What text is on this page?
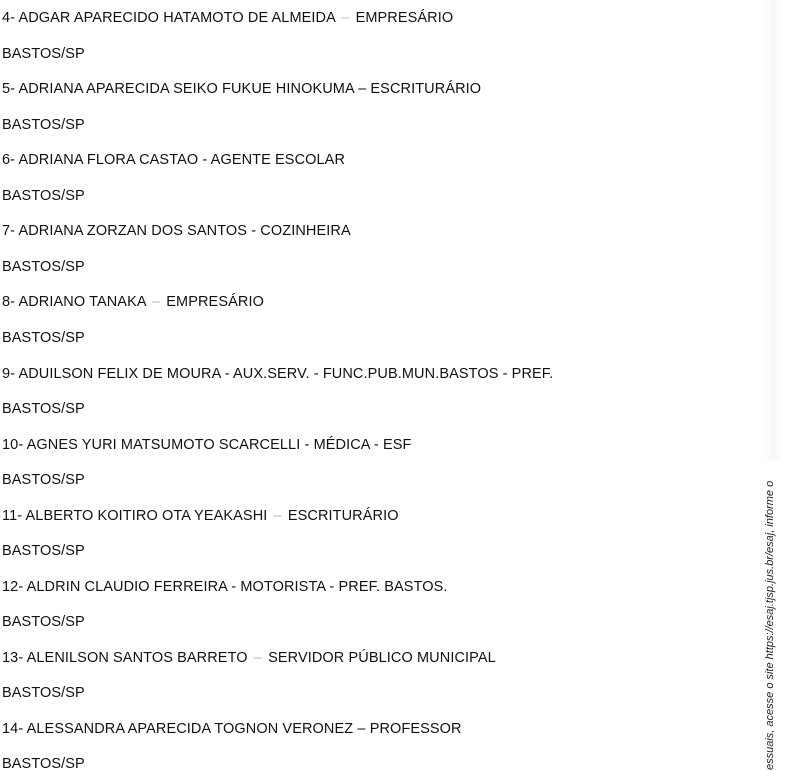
4- ADGAR APARECIDO HATAMOTO DE ALMEIDA – EMPRESÁRIO
BASTOS/SP
5- ADRIANA APARECIDA SEIKO FUKUE HINOKUMA – ESCRITURÁRIO
BASTOS/SP
6- ADRIANA FLORA CASTAO - AGENTE ESCOLAR
BASTOS/SP
7- ADRIANA ZORZAN DOS SANTOS - COZINHEIRA
BASTOS/SP
8- ADRIANO TANAKA – EMPRESÁRIO
BASTOS/SP
9- ADUILSON FELIX DE MOURA - AUX.SERV. - FUNC.PUB.MUN.BASTOS - PREF.
BASTOS/SP
10- AGNES YURI MATSUMOTO SCARCELLI - MÉDICA - ESF
BASTOS/SP
11- ALBERTO KOITIRO OTA YEAKASHI – ESCRITURÁRIO
BASTOS/SP
12- ALDRIN CLAUDIO FERREIRA - MOTORISTA - PREF. BASTOS.
BASTOS/SP
13- ALENILSON SANTOS BARRETO – SERVIDOR PÚBLICO MUNICIPAL
BASTOS/SP
14- ALESSANDRA APARECIDA TOGNON VERONEZ – PROFESSOR
BASTOS/SP	essuais, acesse o site https://esaj.tjsp.jus.br/esaj, informe o
